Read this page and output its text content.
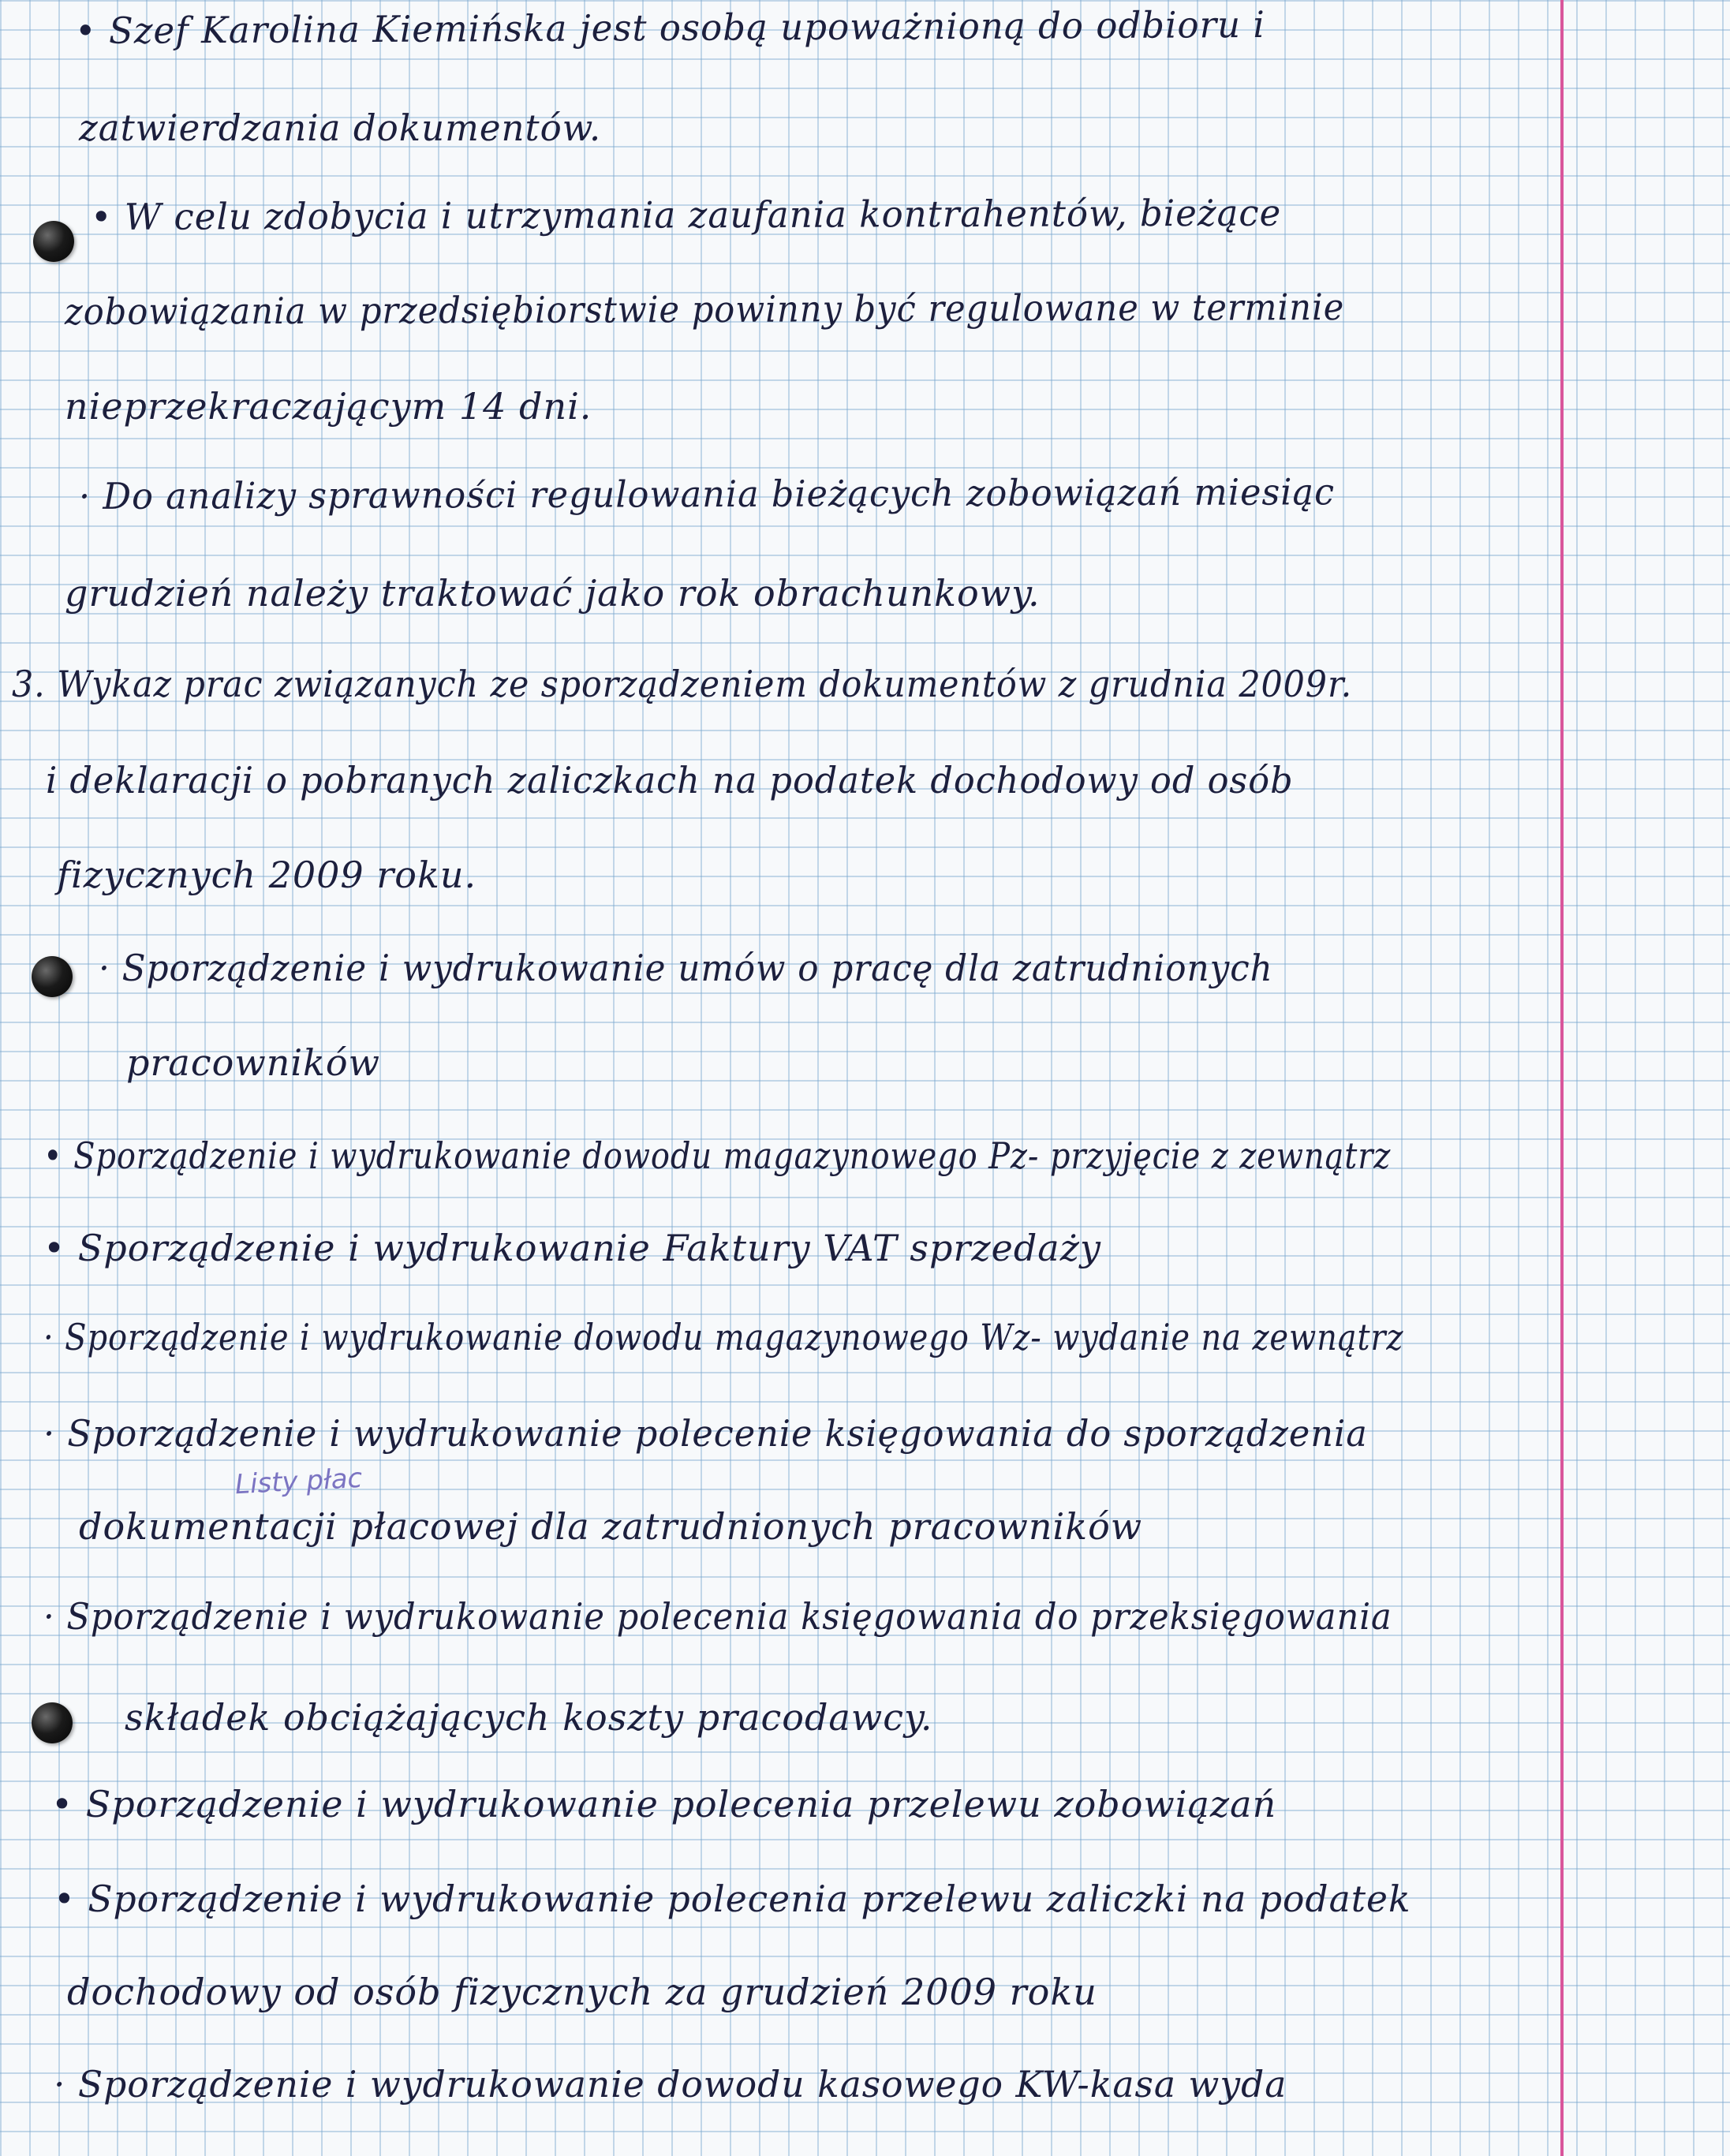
• Szef Karolina Kiemińska jest osobą upoważnioną do odbioru i
zatwierdzania dokumentów.
• W celu zdobycia i utrzymania zaufania kontrahentów, bieżące
zobowiązania w przedsiębiorstwie powinny być regulowane w terminie
nieprzekraczającym 14 dni.
· Do analizy sprawności regulowania bieżących zobowiązań miesiąc
grudzień należy traktować jako rok obrachunkowy.
3. Wykaz prac związanych ze sporządzeniem dokumentów z grudnia 2009r.
i deklaracji o pobranych zaliczkach na podatek dochodowy od osób
fizycznych 2009 roku.
· Sporządzenie i wydrukowanie umów o pracę dla zatrudnionych
pracowników
• Sporządzenie i wydrukowanie dowodu magazynowego Pz- przyjęcie z zewnątrz
• Sporządzenie i wydrukowanie Faktury VAT sprzedaży
· Sporządzenie i wydrukowanie dowodu magazynowego Wz- wydanie na zewnątrz
· Sporządzenie i wydrukowanie polecenie księgowania do sporządzenia
Listy płac
dokumentacji płacowej dla zatrudnionych pracowników
· Sporządzenie i wydrukowanie polecenia księgowania do przeksięgowania
składek obciążających koszty pracodawcy.
• Sporządzenie i wydrukowanie polecenia przelewu zobowiązań
• Sporządzenie i wydrukowanie polecenia przelewu zaliczki na podatek
dochodowy od osób fizycznych za grudzień 2009 roku
· Sporządzenie i wydrukowanie dowodu kasowego KW-kasa wyda
